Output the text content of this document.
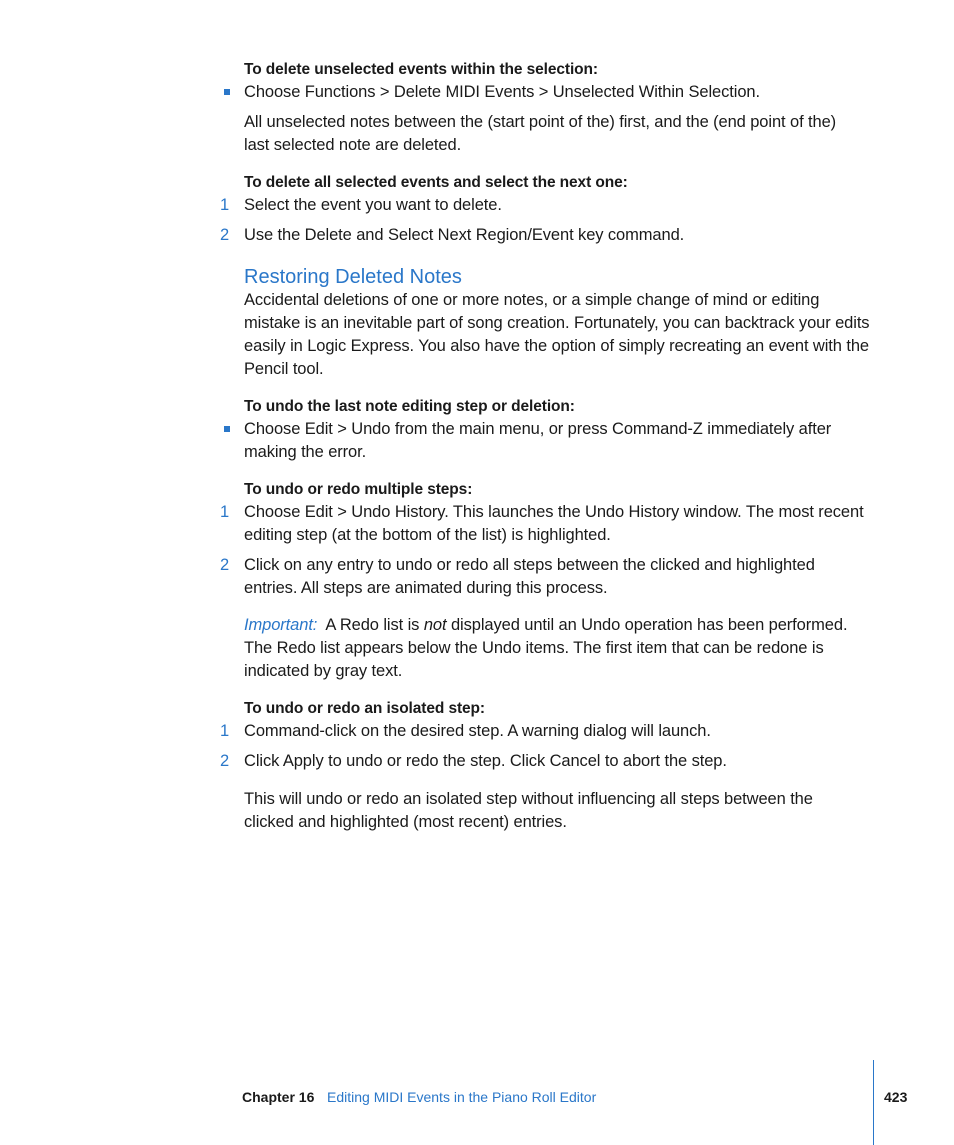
To delete unselected events within the selection:

Choose Functions > Delete MIDI Events > Unselected Within Selection.

All unselected notes between the (start point of the) first, and the (end point of the) last selected note are deleted.

To delete all selected events and select the next one:

1 Select the event you want to delete.

2 Use the Delete and Select Next Region/Event key command.

Restoring Deleted Notes

Accidental deletions of one or more notes, or a simple change of mind or editing mistake is an inevitable part of song creation. Fortunately, you can backtrack your edits easily in Logic Express. You also have the option of simply recreating an event with the Pencil tool.

To undo the last note editing step or deletion:

Choose Edit > Undo from the main menu, or press Command-Z immediately after making the error.

To undo or redo multiple steps:

1 Choose Edit > Undo History. This launches the Undo History window. The most recent editing step (at the bottom of the list) is highlighted.

2 Click on any entry to undo or redo all steps between the clicked and highlighted entries. All steps are animated during this process.

Important: A Redo list is not displayed until an Undo operation has been performed. The Redo list appears below the Undo items. The first item that can be redone is indicated by gray text.

To undo or redo an isolated step:

1 Command-click on the desired step. A warning dialog will launch.

2 Click Apply to undo or redo the step. Click Cancel to abort the step.

This will undo or redo an isolated step without influencing all steps between the clicked and highlighted (most recent) entries.

Chapter 16 Editing MIDI Events in the Piano Roll Editor	423
